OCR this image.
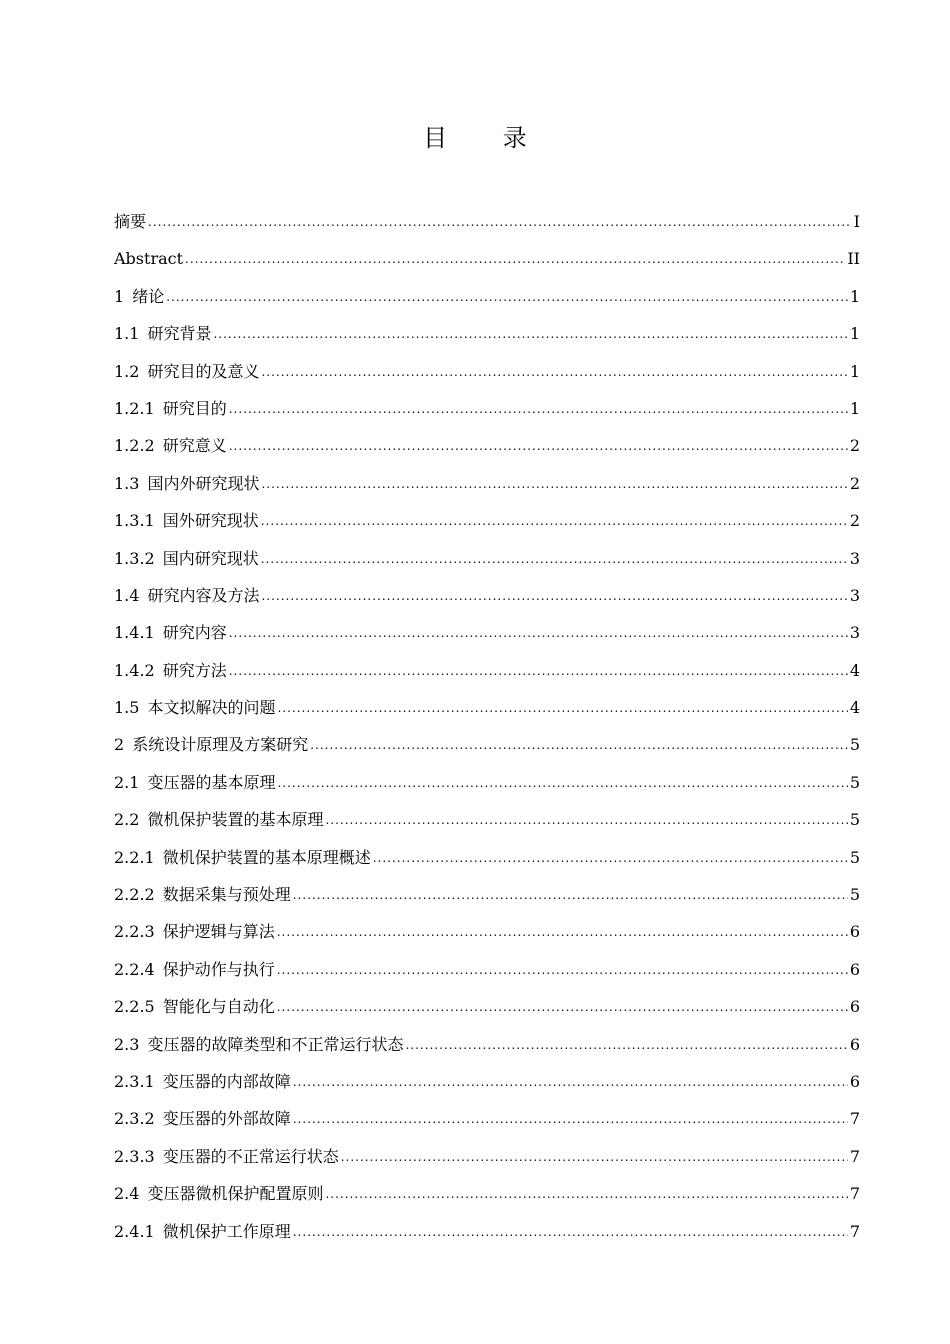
目 录
摘要 .....	I
Abstract .....	II
1 绪论 .....	1
1.1 研究背景 .....	1
1.2 研究目的及意义 .....	1
1.2.1 研究目的 .....	1
1.2.2 研究意义 .....	2
1.3 国内外研究现状 .....	2
1.3.1 国外研究现状 .....	2
1.3.2 国内研究现状 .....	3
1.4 研究内容及方法 .....	3
1.4.1 研究内容 .....	3
1.4.2 研究方法 .....	4
1.5 本文拟解决的问题 .....	4
2 系统设计原理及方案研究 .....	5
2.1 变压器的基本原理 .....	5
2.2 微机保护装置的基本原理 .....	5
2.2.1 微机保护装置的基本原理概述 .....	5
2.2.2 数据采集与预处理 .....	5
2.2.3 保护逻辑与算法 .....	6
2.2.4 保护动作与执行 .....	6
2.2.5 智能化与自动化 .....	6
2.3 变压器的故障类型和不正常运行状态 .....	6
2.3.1 变压器的内部故障 .....	6
2.3.2 变压器的外部故障 .....	7
2.3.3 变压器的不正常运行状态 .....	7
2.4 变压器微机保护配置原则 .....	7
2.4.1 微机保护工作原理 .....	7
